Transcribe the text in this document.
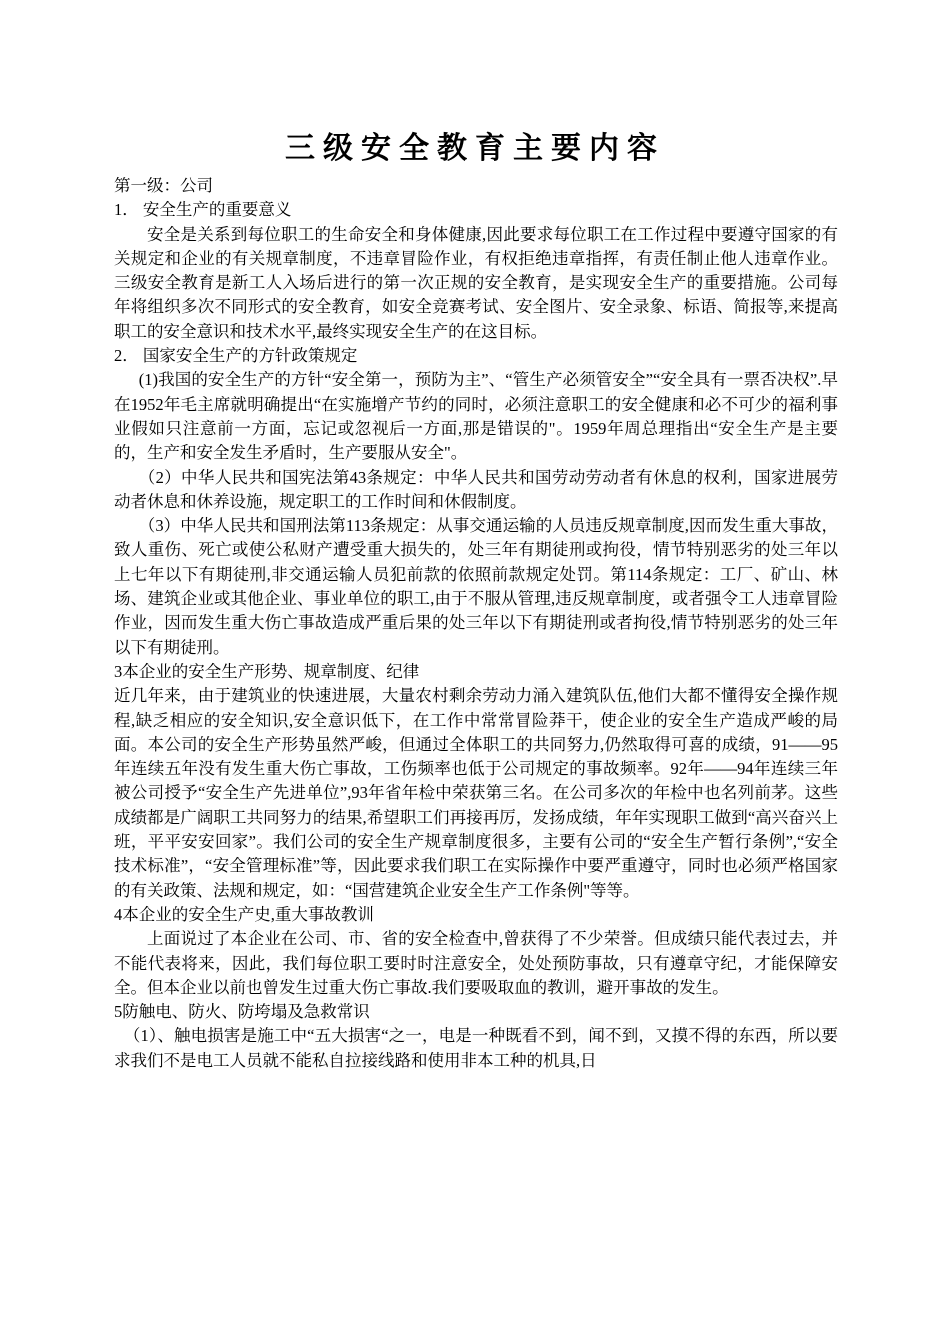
三级安全教育主要内容

第一级：公司

1． 安全生产的重要意义

安全是关系到每位职工的生命安全和身体健康,因此要求每位职工在工作过程中要遵守国家的有关规定和企业的有关规章制度，不违章冒险作业，有权拒绝违章指挥，有责任制止他人违章作业。三级安全教育是新工人入场后进行的第一次正规的安全教育，是实现安全生产的重要措施。公司每年将组织多次不同形式的安全教育，如安全竞赛考试、安全图片、安全录象、标语、简报等,来提高职工的安全意识和技术水平,最终实现安全生产的在这目标。

2． 国家安全生产的方针政策规定

(1)我国的安全生产的方针“安全第一，预防为主”、“管生产必须管安全”“安全具有一票否决权”.早在1952年毛主席就明确提出“在实施增产节约的同时，必须注意职工的安全健康和必不可少的福利事业假如只注意前一方面，忘记或忽视后一方面,那是错误的"。1959年周总理指出“安全生产是主要的，生产和安全发生矛盾时，生产要服从安全"。

（2）中华人民共和国宪法第43条规定：中华人民共和国劳动劳动者有休息的权利，国家进展劳动者休息和休养设施，规定职工的工作时间和休假制度。

（3）中华人民共和国刑法第113条规定：从事交通运输的人员违反规章制度,因而发生重大事故，致人重伤、死亡或使公私财产遭受重大损失的，处三年有期徒刑或拘役，情节特别恶劣的处三年以上七年以下有期徒刑,非交通运输人员犯前款的依照前款规定处罚。第114条规定：工厂、矿山、林场、建筑企业或其他企业、事业单位的职工,由于不服从管理,违反规章制度，或者强令工人违章冒险作业，因而发生重大伤亡事故造成严重后果的处三年以下有期徒刑或者拘役,情节特别恶劣的处三年以下有期徒刑。

3本企业的安全生产形势、规章制度、纪律

近几年来，由于建筑业的快速进展，大量农村剩余劳动力涌入建筑队伍,他们大都不懂得安全操作规程,缺乏相应的安全知识,安全意识低下，在工作中常常冒险莽干，使企业的安全生产造成严峻的局面。本公司的安全生产形势虽然严峻，但通过全体职工的共同努力,仍然取得可喜的成绩，91——95年连续五年没有发生重大伤亡事故，工伤频率也低于公司规定的事故频率。92年——94年连续三年被公司授予“安全生产先进单位”,93年省年检中荣获第三名。在公司多次的年检中也名列前茅。这些成绩都是广阔职工共同努力的结果,希望职工们再接再厉，发扬成绩，年年实现职工做到“高兴奋兴上班，平平安安回家”。我们公司的安全生产规章制度很多，主要有公司的“安全生产暂行条例”,“安全技术标准”，“安全管理标准”等，因此要求我们职工在实际操作中要严重遵守，同时也必须严格国家的有关政策、法规和规定，如：“国营建筑企业安全生产工作条例"等等。

4本企业的安全生产史,重大事故教训

上面说过了本企业在公司、市、省的安全检查中,曾获得了不少荣誉。但成绩只能代表过去，并不能代表将来，因此，我们每位职工要时时注意安全，处处预防事故，只有遵章守纪，才能保障安全。但本企业以前也曾发生过重大伤亡事故.我们要吸取血的教训，避开事故的发生。

5防触电、防火、防垮塌及急救常识

（1）、触电损害是施工中“五大损害“之一，电是一种既看不到，闻不到，又摸不得的东西，所以要求我们不是电工人员就不能私自拉接线路和使用非本工种的机具,日
